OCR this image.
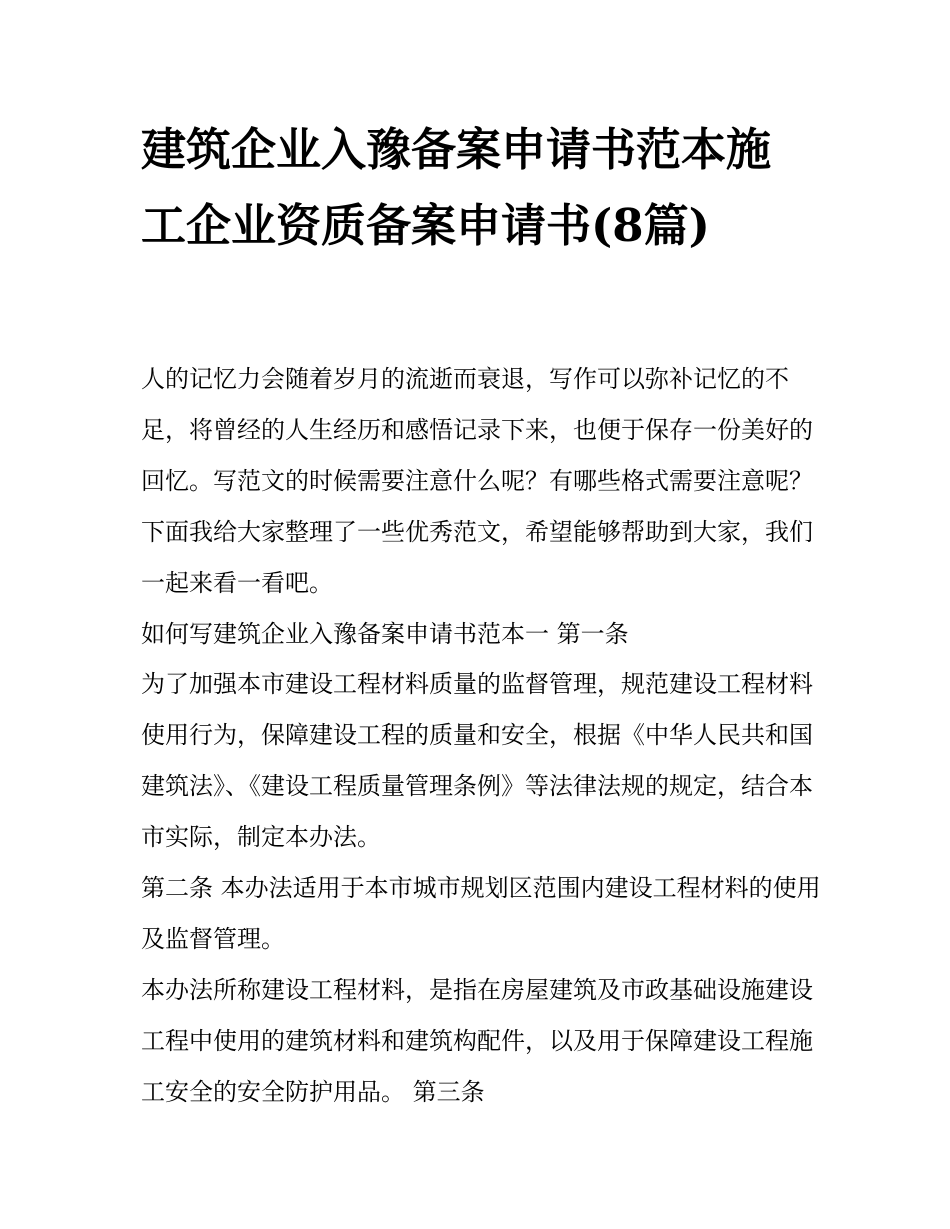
建筑企业入豫备案申请书范本施工企业资质备案申请书(8篇)

人的记忆力会随着岁月的流逝而衰退，写作可以弥补记忆的不足，将曾经的人生经历和感悟记录下来，也便于保存一份美好的回忆。写范文的时候需要注意什么呢？有哪些格式需要注意呢？下面我给大家整理了一些优秀范文，希望能够帮助到大家，我们一起来看一看吧。

如何写建筑企业入豫备案申请书范本一 第一条

为了加强本市建设工程材料质量的监督管理，规范建设工程材料使用行为，保障建设工程的质量和安全，根据《中华人民共和国建筑法》、《建设工程质量管理条例》等法律法规的规定，结合本市实际，制定本办法。

第二条 本办法适用于本市城市规划区范围内建设工程材料的使用及监督管理。

本办法所称建设工程材料，是指在房屋建筑及市政基础设施建设工程中使用的建筑材料和建筑构配件，以及用于保障建设工程施工安全的安全防护用品。 第三条
